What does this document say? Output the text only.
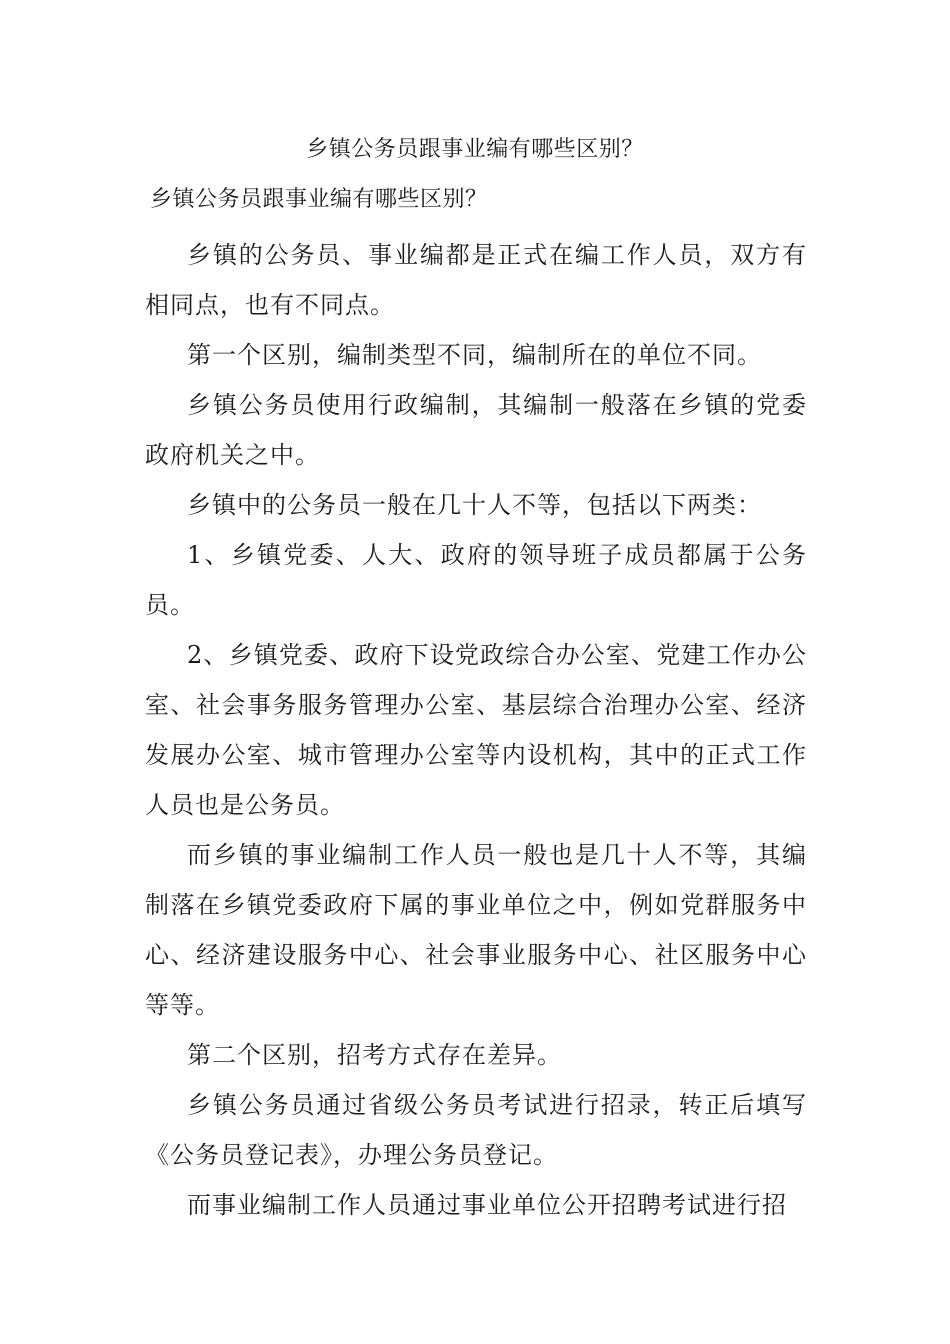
乡镇公务员跟事业编有哪些区别？

乡镇公务员跟事业编有哪些区别？

乡镇的公务员、事业编都是正式在编工作人员，双方有相同点，也有不同点。

第一个区别，编制类型不同，编制所在的单位不同。

乡镇公务员使用行政编制，其编制一般落在乡镇的党委政府机关之中。

乡镇中的公务员一般在几十人不等，包括以下两类：

1、乡镇党委、人大、政府的领导班子成员都属于公务员。

2、乡镇党委、政府下设党政综合办公室、党建工作办公室、社会事务服务管理办公室、基层综合治理办公室、经济发展办公室、城市管理办公室等内设机构，其中的正式工作人员也是公务员。

而乡镇的事业编制工作人员一般也是几十人不等，其编制落在乡镇党委政府下属的事业单位之中，例如党群服务中心、经济建设服务中心、社会事业服务中心、社区服务中心等等。

第二个区别，招考方式存在差异。

乡镇公务员通过省级公务员考试进行招录，转正后填写《公务员登记表》，办理公务员登记。

而事业编制工作人员通过事业单位公开招聘考试进行招
